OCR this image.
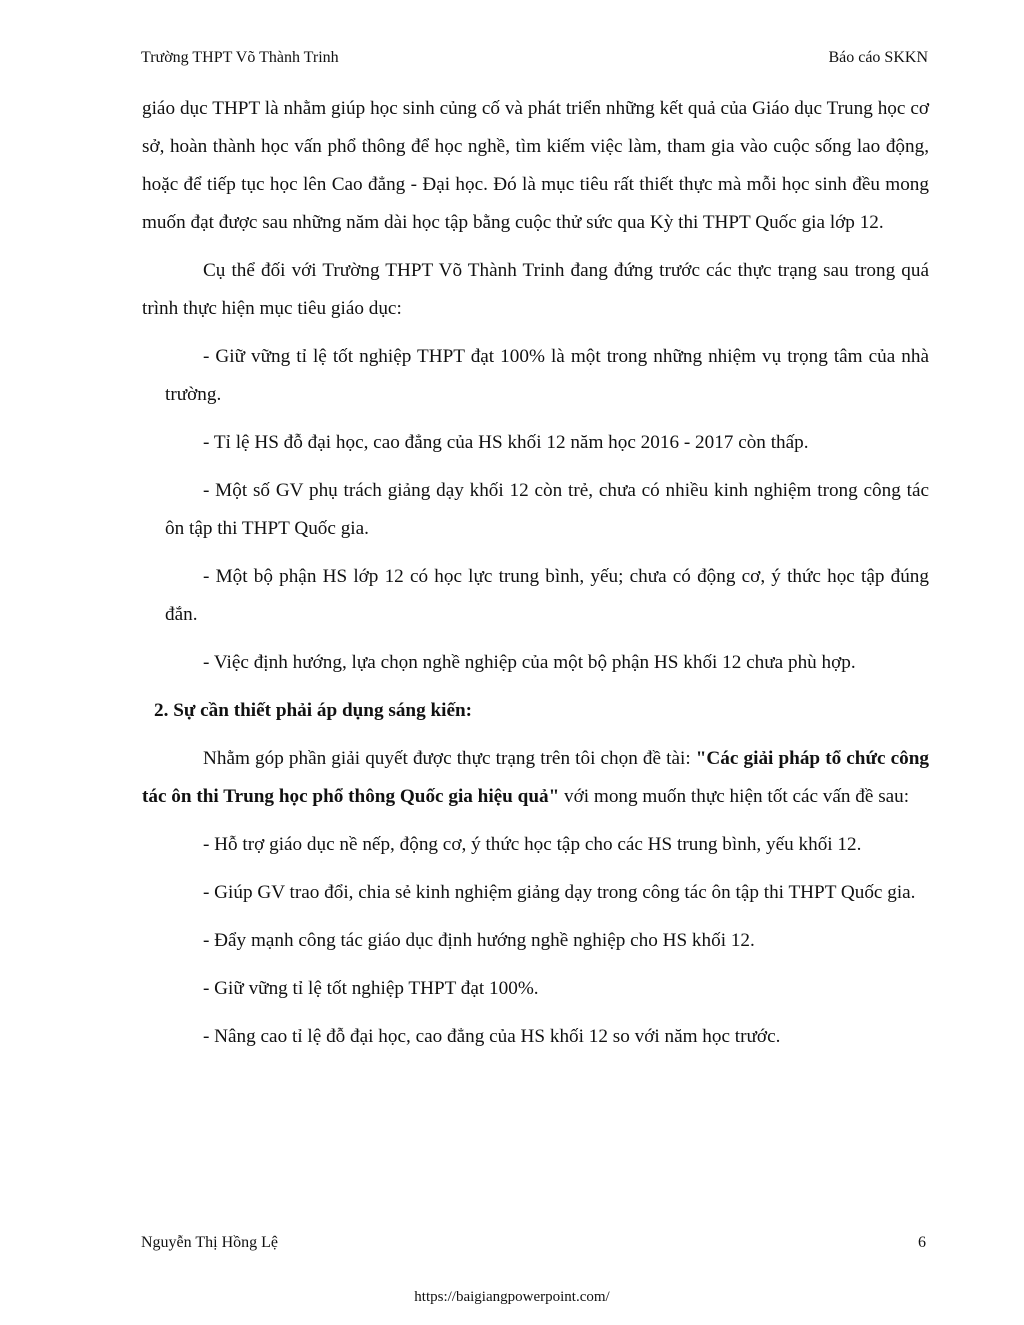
Trường THPT Võ Thành Trinh	Báo cáo SKKN

giáo dục THPT là nhằm giúp học sinh củng cố và phát triển những kết quả của Giáo dục Trung học cơ sở, hoàn thành học vấn phổ thông để học nghề, tìm kiếm việc làm, tham gia vào cuộc sống lao động, hoặc để tiếp tục học lên Cao đẳng - Đại học. Đó là mục tiêu rất thiết thực mà mỗi học sinh đều mong muốn đạt được sau những năm dài học tập bằng cuộc thử sức qua Kỳ thi THPT Quốc gia lớp 12.

Cụ thể đối với Trường THPT Võ Thành Trinh đang đứng trước các thực trạng sau trong quá trình thực hiện mục tiêu giáo dục:

- Giữ vững tỉ lệ tốt nghiệp THPT đạt 100% là một trong những nhiệm vụ trọng tâm của nhà trường.

- Tỉ lệ HS đỗ đại học, cao đẳng của HS khối 12 năm học 2016 - 2017 còn thấp.

- Một số GV phụ trách giảng dạy khối 12 còn trẻ, chưa có nhiều kinh nghiệm trong công tác ôn tập thi THPT Quốc gia.

- Một bộ phận HS lớp 12 có học lực trung bình, yếu; chưa có động cơ, ý thức học tập đúng đắn.

- Việc định hướng, lựa chọn nghề nghiệp của một bộ phận HS khối 12 chưa phù hợp.

2. Sự cần thiết phải áp dụng sáng kiến:

Nhằm góp phần giải quyết được thực trạng trên tôi chọn đề tài: "Các giải pháp tổ chức công tác ôn thi Trung học phổ thông Quốc gia hiệu quả" với mong muốn thực hiện tốt các vấn đề sau:

- Hỗ trợ giáo dục nề nếp, động cơ, ý thức học tập cho các HS trung bình, yếu khối 12.

- Giúp GV trao đổi, chia sẻ kinh nghiệm giảng dạy trong công tác ôn tập thi THPT Quốc gia.

- Đẩy mạnh công tác giáo dục định hướng nghề nghiệp cho HS khối 12.

- Giữ vững tỉ lệ tốt nghiệp THPT đạt 100%.

- Nâng cao tỉ lệ đỗ đại học, cao đẳng của HS khối 12 so với năm học trước.

Nguyễn Thị Hồng Lệ	6
https://baigiangpowerpoint.com/
